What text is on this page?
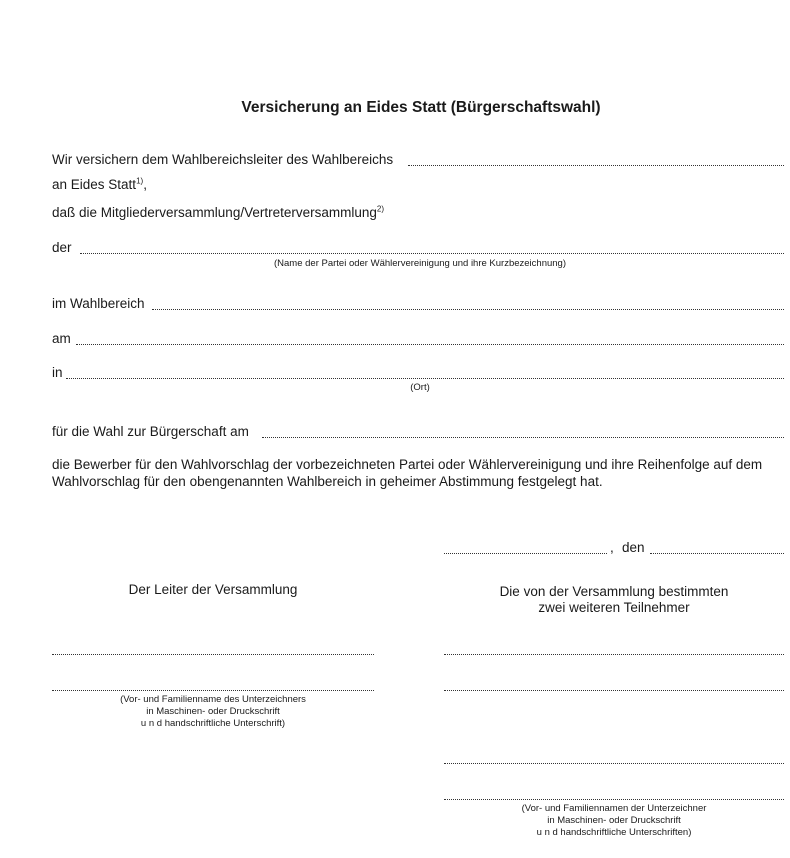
Versicherung an Eides Statt (Bürgerschaftswahl)
Wir versichern dem Wahlbereichsleiter des Wahlbereichs
an Eides Statt$^{1)}$,
daß die Mitgliederversammlung/Vertreterversammlung$^{2)}$
der
(Name der Partei oder Wählervereinigung und ihre Kurzbezeichnung)
im Wahlbereich
am
in
(Ort)
für die Wahl zur Bürgerschaft am
die Bewerber für den Wahlvorschlag der vorbezeichneten Partei oder Wählervereinigung und ihre Reihenfolge auf dem
Wahlvorschlag für den obengenannten Wahlbereich in geheimer Abstimmung festgelegt hat.
, den
Der Leiter der Versammlung	Die von der Versammlung bestimmten
zwei weiteren Teilnehmer
(Vor- und Familienname des Unterzeichners
in Maschinen- oder Druckschrift
u n d handschriftliche Unterschrift)
(Vor- und Familiennamen der Unterzeichner
in Maschinen- oder Druckschrift
u n d handschriftliche Unterschriften)
